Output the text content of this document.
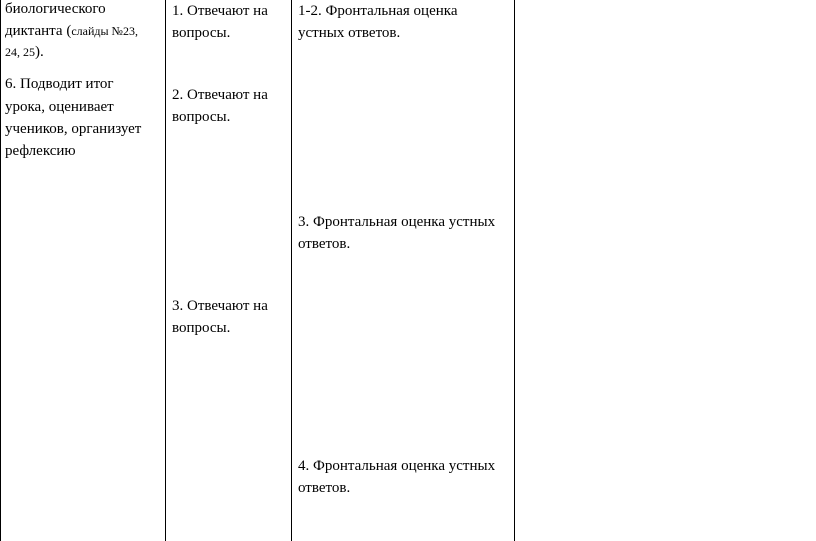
биологического
диктанта (слайды №23,
24, 25).
6. Подводит итог
урока, оценивает
учеников, организует
рефлексию
1. Отвечают на
вопросы.
2. Отвечают на
вопросы.
3. Отвечают на
вопросы.
1-2. Фронтальная оценка
устных ответов.
3. Фронтальная оценка устных
ответов.
4. Фронтальная оценка устных
ответов.
